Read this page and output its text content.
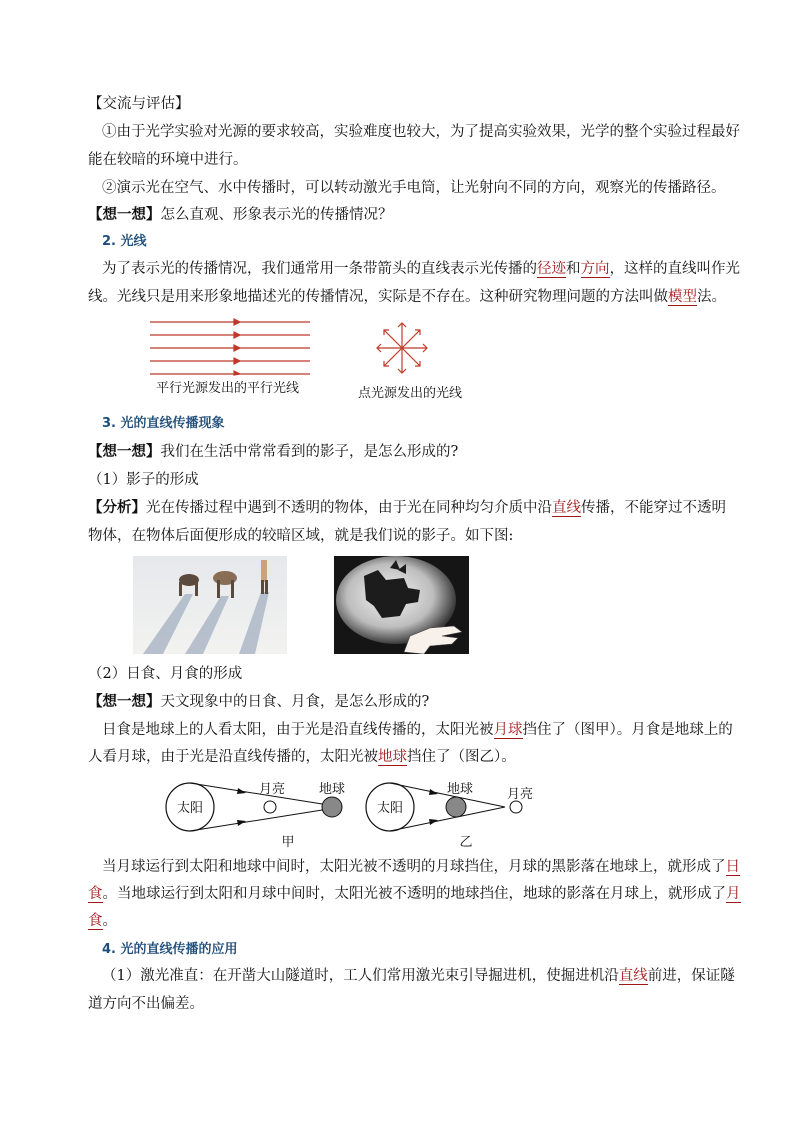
【交流与评估】
①由于光学实验对光源的要求较高，实验难度也较大，为了提高实验效果，光学的整个实验过程最好
能在较暗的环境中进行。
②演示光在空气、水中传播时，可以转动激光手电筒，让光射向不同的方向，观察光的传播路径。
【想一想】怎么直观、形象表示光的传播情况？
2. 光线
为了表示光的传播情况，我们通常用一条带箭头的直线表示光传播的径迹和方向，这样的直线叫作光
线。光线只是用来形象地描述光的传播情况，实际是不存在。这种研究物理问题的方法叫做模型法。
平行光源发出的平行光线	点光源发出的光线
3. 光的直线传播现象
【想一想】我们在生活中常常看到的影子，是怎么形成的?
（1）影子的形成
【分析】光在传播过程中遇到不透明的物体，由于光在同种均匀介质中沿直线传播，不能穿过不透明
物体，在物体后面便形成的较暗区域，就是我们说的影子。如下图:
（2）日食、月食的形成
【想一想】天文现象中的日食、月食，是怎么形成的?
日食是地球上的人看太阳，由于光是沿直线传播的，太阳光被月球挡住了（图甲）。月食是地球上的
人看月球，由于光是沿直线传播的，太阳光被地球挡住了（图乙）。
太阳
月亮	地球
甲
太阳
地球	月亮
乙
当月球运行到太阳和地球中间时，太阳光被不透明的月球挡住，月球的黑影落在地球上，就形成了日
食。当地球运行到太阳和月球中间时，太阳光被不透明的地球挡住，地球的影落在月球上，就形成了月
食。
4. 光的直线传播的应用
（1）激光准直：在开凿大山隧道时，工人们常用激光束引导掘进机，使掘进机沿直线前进，保证隧
道方向不出偏差。
